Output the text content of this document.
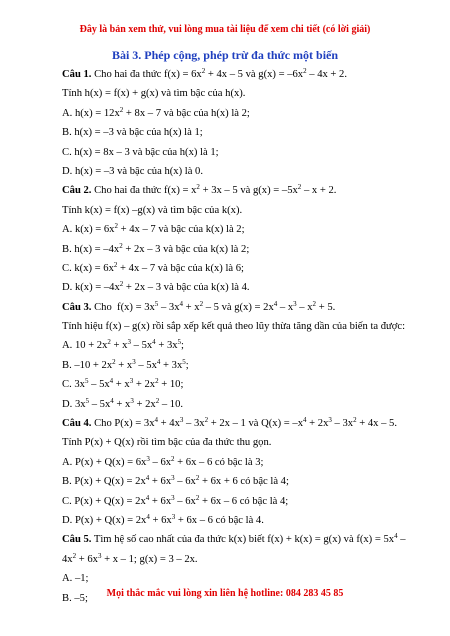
Đây là bản xem thử, vui lòng mua tài liệu để xem chi tiết (có lời giải)
Bài 3. Phép cộng, phép trừ đa thức một biến
Câu 1. Cho hai đa thức $f(x) = 6x^2 + 4x - 5$ và $g(x) = -6x^2 - 4x + 2$.
Tính h(x) = f(x) + g(x) và tìm bậc của h(x).
A. $h(x) = 12x^2 + 8x - 7$ và bậc của h(x) là 2;
B. h(x) = –3 và bậc của h(x) là 1;
C. h(x) = 8x – 3 và bậc của h(x) là 1;
D. h(x) = –3 và bậc của h(x) là 0.
Câu 2. Cho hai đa thức $f(x) = x^2 + 3x - 5$ và $g(x) = -5x^2 - x + 2$.
Tính k(x) = f(x) –g(x) và tìm bậc của k(x).
A. $k(x) = 6x^2 + 4x - 7$ và bậc của k(x) là 2;
B. $h(x) = -4x^2 + 2x - 3$ và bậc của k(x) là 2;
C. $k(x) = 6x^2 + 4x - 7$ và bậc của k(x) là 6;
D. $k(x) = -4x^2 + 2x - 3$ và bậc của k(x) là 4.
Câu 3. Cho  $f(x) = 3x^5 - 3x^4 + x^2 - 5$ và $g(x) = 2x^4 - x^3 - x^2 + 5$.
Tính hiệu f(x) – g(x) rồi sắp xếp kết quả theo lũy thừa tăng dần của biến ta được:
A. $10 + 2x^2 + x^3 - 5x^4 + 3x^5$;
B. $-10 + 2x^2 + x^3 - 5x^4 + 3x^5$;
C. $3x^5 - 5x^4 + x^3 + 2x^2 + 10$;
D. $3x^5 - 5x^4 + x^3 + 2x^2 - 10$.
Câu 4. Cho $P(x) = 3x^4 + 4x^3 - 3x^2 + 2x - 1$ và $Q(x) = -x^4 + 2x^3 - 3x^2 + 4x - 5$.
Tính P(x) + Q(x) rồi tìm bậc của đa thức thu gọn.
A. $P(x) + Q(x) = 6x^3 - 6x^2 + 6x - 6$ có bậc là 3;
B. $P(x) + Q(x) = 2x^4 + 6x^3 - 6x^2 + 6x + 6$ có bậc là 4;
C. $P(x) + Q(x) = 2x^4 + 6x^3 - 6x^2 + 6x - 6$ có bậc là 4;
D. $P(x) + Q(x) = 2x^4 + 6x^3 + 6x - 6$ có bậc là 4.
Câu 5. Tìm hệ số cao nhất của đa thức k(x) biết f(x) + k(x) = g(x) và $f(x) = 5x^4$ –
$4x^2 + 6x^3 + x - 1$; g(x) = 3 – 2x.
A. –1;
B. –5;	Mọi thắc mắc vui lòng xin liên hệ hotline: 084 283 45 85
